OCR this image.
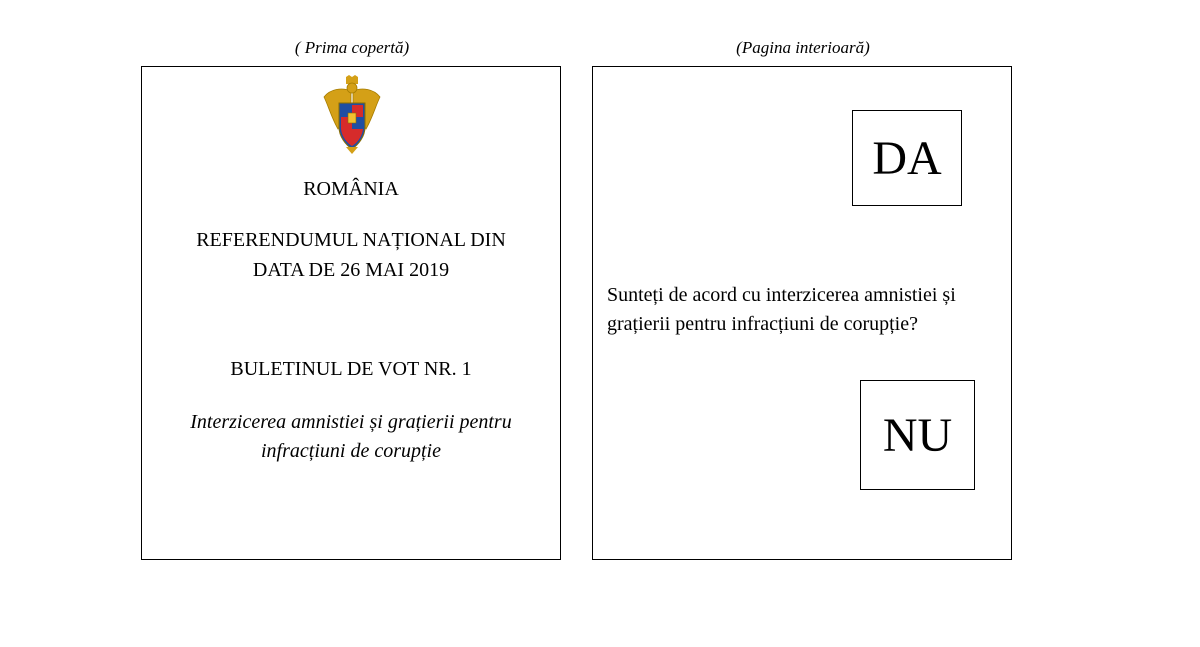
( Prima copertă)	(Pagina interioară)
ROMÂNIA
REFERENDUMUL NAȚIONAL DIN
DATA DE 26 MAI 2019
BULETINUL DE VOT NR. 1
Interzicerea amnistiei și grațierii pentru
infracțiuni de corupție
DA
Sunteți de acord cu interzicerea amnistiei și
grațierii pentru infracțiuni de corupție?
NU
